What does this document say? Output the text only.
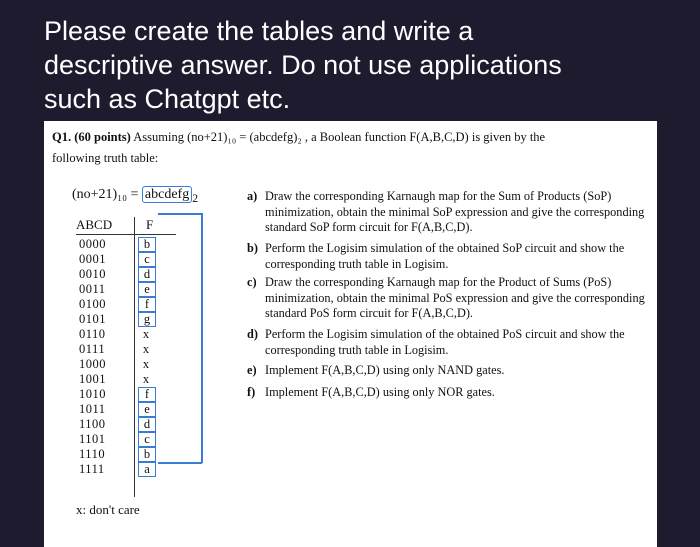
Please create the tables and write a
descriptive answer. Do not use applications
such as Chatgpt etc.
Q1. (60 points) Assuming (no+21)₁₀ = (abcdefg)₂ , a Boolean function F(A,B,C,D) is given by the
following truth table:
(no+21)₁₀ = abcdefg $_2$
ABCD	F
0000	b
0001	c
0010	d
0011	e
0100	f
0101	g
0110	x
0111	x
1000	x
1001	x
1010	f
1011	e
1100	d
1101	c
1110	b
1111	a
x: don't care
a) Draw the corresponding Karnaugh map for the Sum of Products (SoP) minimization, obtain the minimal SoP expression and give the corresponding standard SoP form circuit for F(A,B,C,D).
b) Perform the Logisim simulation of the obtained SoP circuit and show the corresponding truth table in Logisim.
c) Draw the corresponding Karnaugh map for the Product of Sums (PoS) minimization, obtain the minimal PoS expression and give the corresponding standard PoS form circuit for F(A,B,C,D).
d) Perform the Logisim simulation of the obtained PoS circuit and show the corresponding truth table in Logisim.
e) Implement F(A,B,C,D) using only NAND gates.
f) Implement F(A,B,C,D) using only NOR gates.
